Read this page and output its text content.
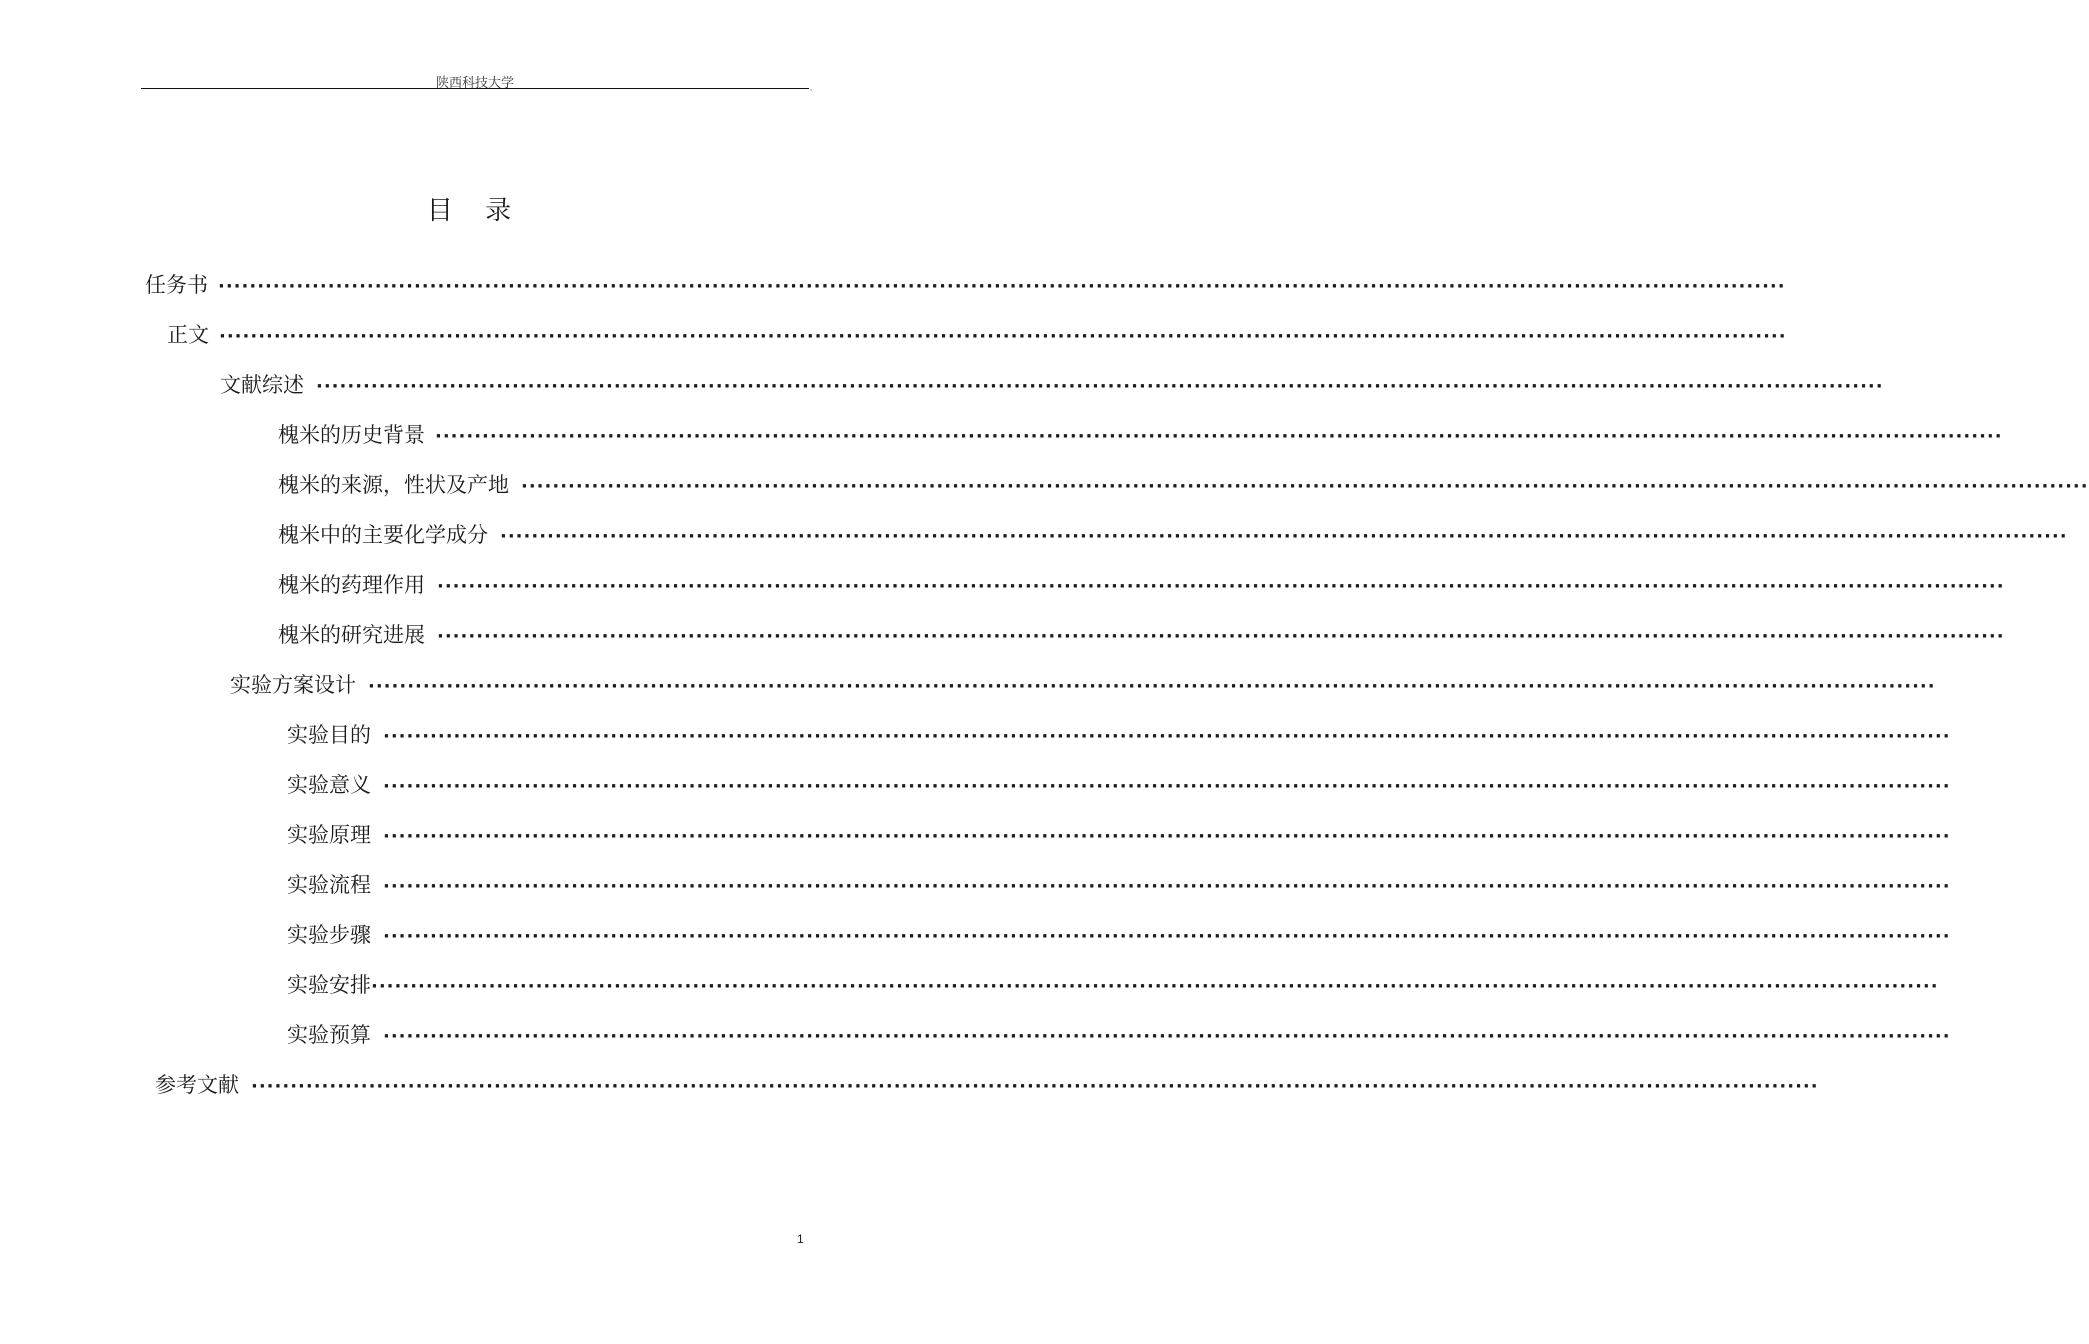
陕西科技大学	ˌ
目 录
任务书 ········································································································································································································
正文 ········································································································································································································
文献综述 ········································································································································································································
槐米的历史背景 ········································································································································································································
槐米的来源，性状及产地 ········································································································································································································
槐米中的主要化学成分 ········································································································································································································
槐米的药理作用 ········································································································································································································
槐米的研究进展 ········································································································································································································
实验方案设计 ········································································································································································································
实验目的 ········································································································································································································
实验意义 ········································································································································································································
实验原理 ········································································································································································································
实验流程 ········································································································································································································
实验步骤 ········································································································································································································
实验安排 ········································································································································································································
实验预算 ········································································································································································································
参考文献 ········································································································································································································
1
